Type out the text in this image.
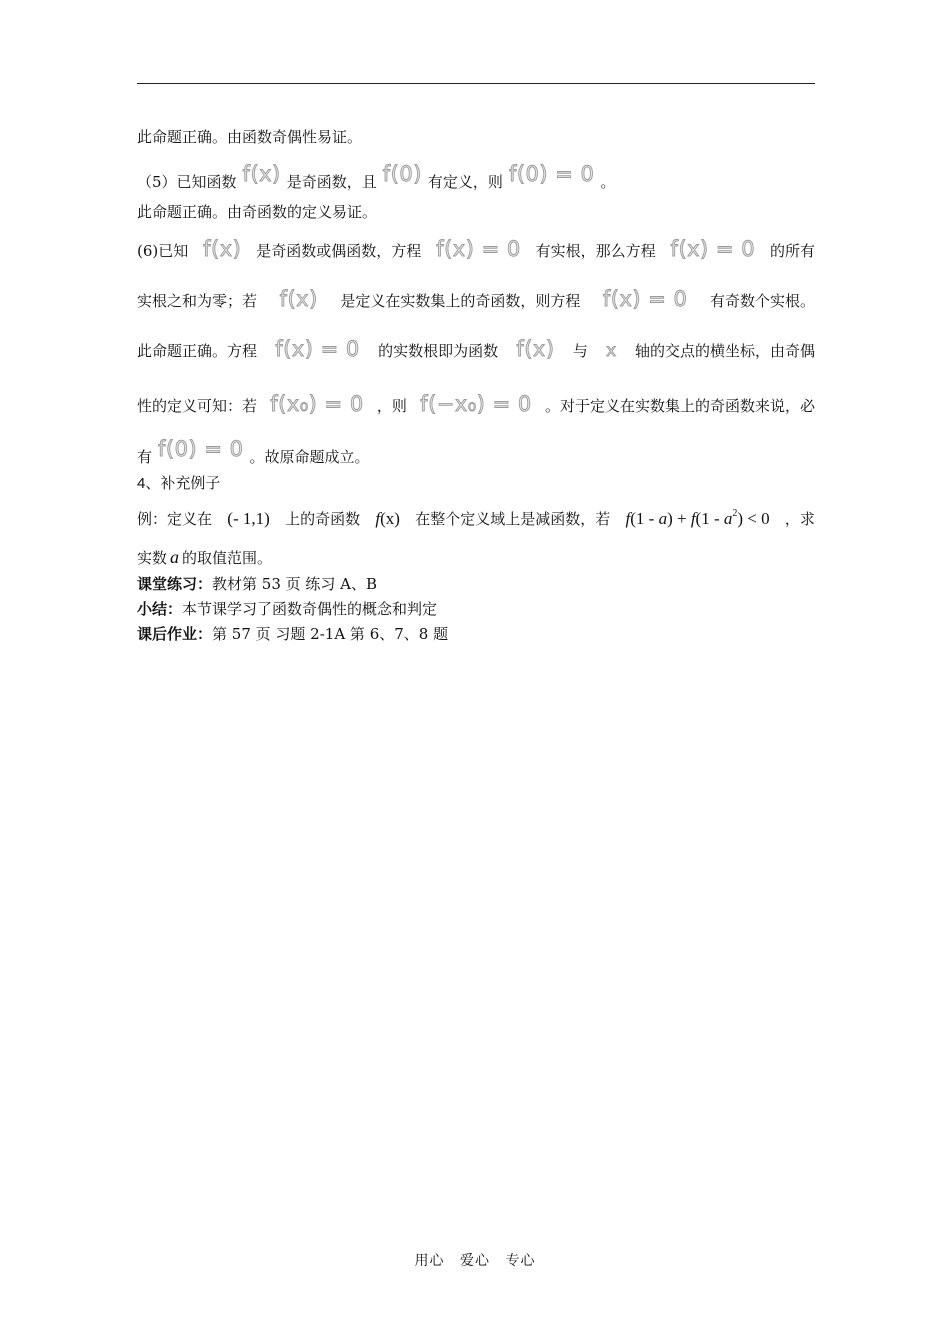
此命题正确。由函数奇偶性易证。
（5）已知函数 f(x) 是奇函数，且 f(0) 有定义，则 f(0) = 0 。
此命题正确。由奇函数的定义易证。
(6)已知 f(x) 是奇函数或偶函数，方程 f(x) = 0 有实根，那么方程 f(x) = 0 的所有
实根之和为零；若 f(x) 是定义在实数集上的奇函数，则方程 f(x) = 0 有奇数个实根。
此命题正确。方程 f(x) = 0 的实数根即为函数 f(x) 与 x 轴的交点的横坐标，由奇偶
性的定义可知：若 f(x₀) = 0 ，则 f(−x₀) = 0 。对于定义在实数集上的奇函数来说，必
有 f(0) = 0 。故原命题成立。
4、补充例子
例：定义在 (- 1,1) 上的奇函数 f(x) 在整个定义域上是减函数，若 $f(1 - a) + f(1 - a^2) < 0$ ，求
实数 a 的取值范围。
课堂练习：教材第 53 页 练习 A、B
小结：本节课学习了函数奇偶性的概念和判定
课后作业：第 57 页 习题 2-1A 第 6、7、8 题
用心 爱心 专心
